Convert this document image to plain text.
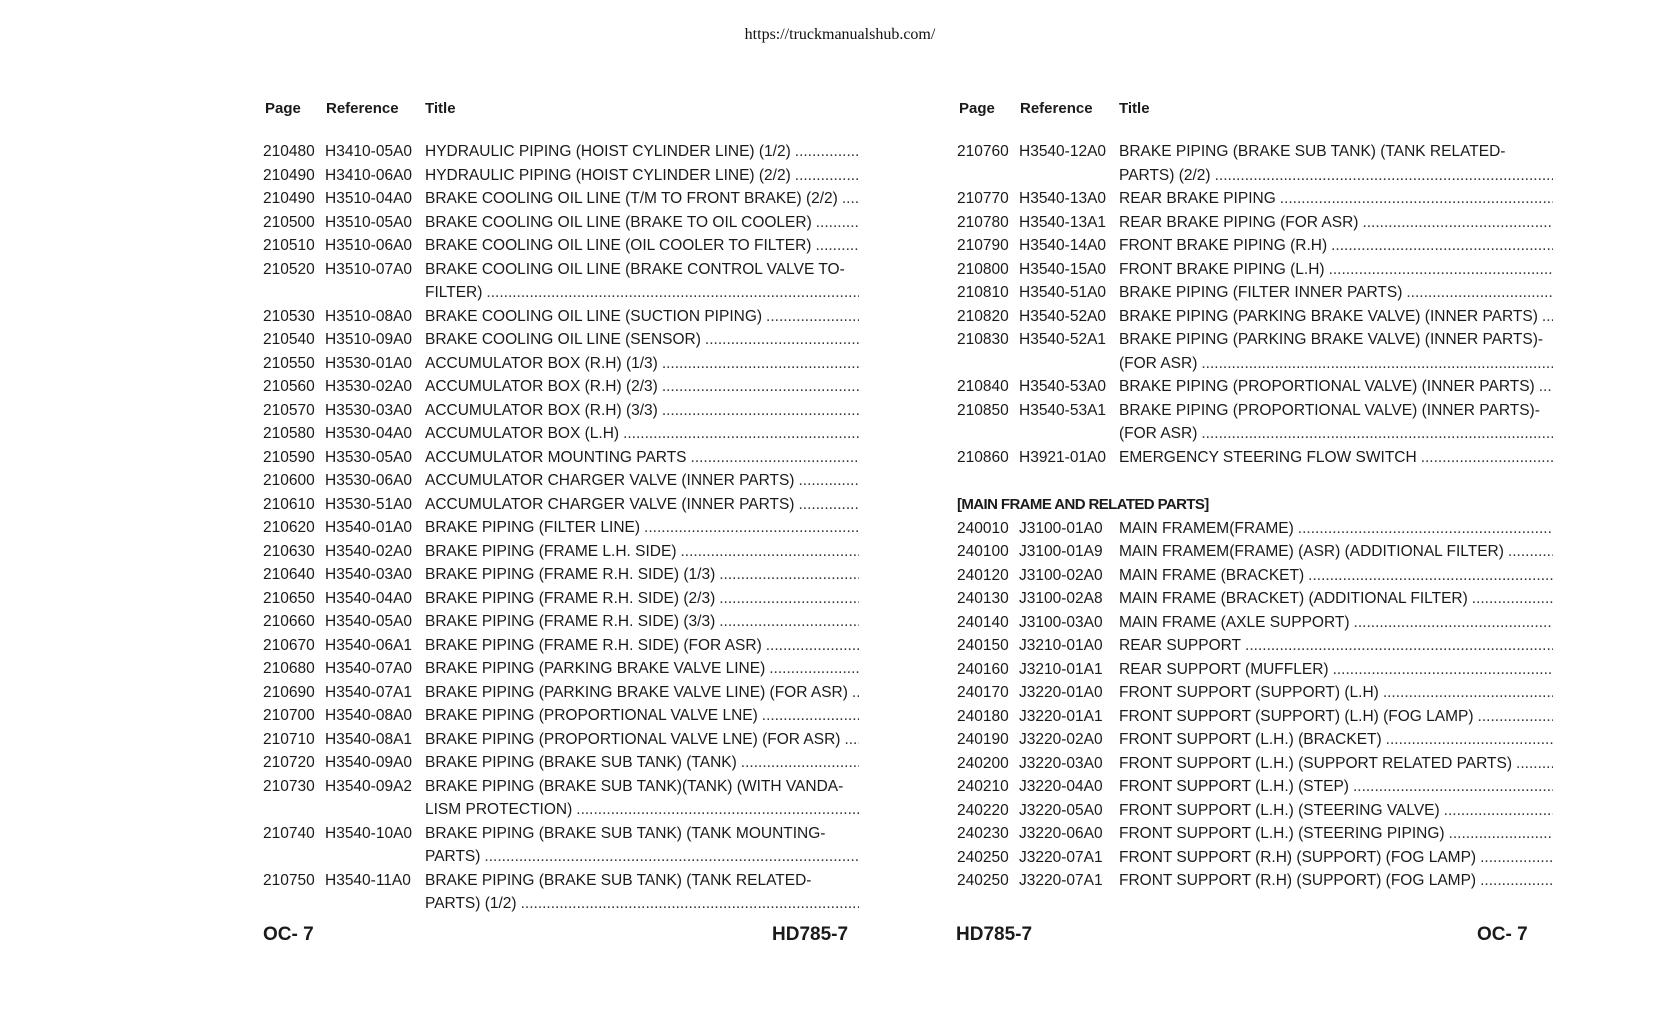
https://truckmanualshub.com/
Page Reference Title
210480 H3410-05A0 HYDRAULIC PIPING (HOIST CYLINDER LINE) (1/2)
.....
210490 H3410-06A0 HYDRAULIC PIPING (HOIST CYLINDER LINE) (2/2)
.....
210490 H3510-04A0 BRAKE COOLING OIL LINE (T/M TO FRONT BRAKE) (2/2)
.....
210500 H3510-05A0 BRAKE COOLING OIL LINE (BRAKE TO OIL COOLER)
.....
210510 H3510-06A0 BRAKE COOLING OIL LINE (OIL COOLER TO FILTER)
.....
210520 H3510-07A0 BRAKE COOLING OIL LINE (BRAKE CONTROL VALVE TO-
FILTER)
.....
210530 H3510-08A0 BRAKE COOLING OIL LINE (SUCTION PIPING)
.....
210540 H3510-09A0 BRAKE COOLING OIL LINE (SENSOR)
.....
210550 H3530-01A0 ACCUMULATOR BOX (R.H) (1/3)
.....
210560 H3530-02A0 ACCUMULATOR BOX (R.H) (2/3)
.....
210570 H3530-03A0 ACCUMULATOR BOX (R.H) (3/3)
.....
210580 H3530-04A0 ACCUMULATOR BOX (L.H)
.....
210590 H3530-05A0 ACCUMULATOR MOUNTING PARTS
.....
210600 H3530-06A0 ACCUMULATOR CHARGER VALVE (INNER PARTS)
.....
210610 H3530-51A0 ACCUMULATOR CHARGER VALVE (INNER PARTS)
.....
210620 H3540-01A0 BRAKE PIPING (FILTER LINE)
.....
210630 H3540-02A0 BRAKE PIPING (FRAME L.H. SIDE)
.....
210640 H3540-03A0 BRAKE PIPING (FRAME R.H. SIDE) (1/3)
.....
210650 H3540-04A0 BRAKE PIPING (FRAME R.H. SIDE) (2/3)
.....
210660 H3540-05A0 BRAKE PIPING (FRAME R.H. SIDE) (3/3)
.....
210670 H3540-06A1 BRAKE PIPING (FRAME R.H. SIDE) (FOR ASR)
.....
210680 H3540-07A0 BRAKE PIPING (PARKING BRAKE VALVE LINE)
.....
210690 H3540-07A1 BRAKE PIPING (PARKING BRAKE VALVE LINE) (FOR ASR)
.....
210700 H3540-08A0 BRAKE PIPING (PROPORTIONAL VALVE LNE)
.....
210710 H3540-08A1 BRAKE PIPING (PROPORTIONAL VALVE LNE) (FOR ASR)
.....
210720 H3540-09A0 BRAKE PIPING (BRAKE SUB TANK) (TANK)
.....
210730 H3540-09A2 BRAKE PIPING (BRAKE SUB TANK)(TANK) (WITH VANDA-
LISM PROTECTION)
.....
210740 H3540-10A0 BRAKE PIPING (BRAKE SUB TANK) (TANK MOUNTING-
PARTS)
.....
210750 H3540-11A0 BRAKE PIPING (BRAKE SUB TANK) (TANK RELATED-
PARTS) (1/2)
.....
Page Reference Title
210760 H3540-12A0 BRAKE PIPING (BRAKE SUB TANK) (TANK RELATED-
PARTS) (2/2)
.....
210770 H3540-13A0 REAR BRAKE PIPING
.....
210780 H3540-13A1 REAR BRAKE PIPING (FOR ASR)
.....
210790 H3540-14A0 FRONT BRAKE PIPING (R.H)
.....
210800 H3540-15A0 FRONT BRAKE PIPING (L.H)
.....
210810 H3540-51A0 BRAKE PIPING (FILTER INNER PARTS)
.....
210820 H3540-52A0 BRAKE PIPING (PARKING BRAKE VALVE) (INNER PARTS)
.....
210830 H3540-52A1 BRAKE PIPING (PARKING BRAKE VALVE) (INNER PARTS)-
(FOR ASR)
.....
210840 H3540-53A0 BRAKE PIPING (PROPORTIONAL VALVE) (INNER PARTS)
.....
210850 H3540-53A1 BRAKE PIPING (PROPORTIONAL VALVE) (INNER PARTS)-
(FOR ASR)
.....
210860 H3921-01A0 EMERGENCY STEERING FLOW SWITCH
.....
[MAIN FRAME AND RELATED PARTS]
240010 J3100-01A0	MAIN FRAMEM(FRAME)
.....
240100 J3100-01A9	MAIN FRAMEM(FRAME) (ASR) (ADDITIONAL FILTER)
.....
240120 J3100-02A0	MAIN FRAME (BRACKET)
.....
240130 J3100-02A8	MAIN FRAME (BRACKET) (ADDITIONAL FILTER)
.....
240140 J3100-03A0	MAIN FRAME (AXLE SUPPORT)
.....
240150 J3210-01A0	REAR SUPPORT
.....
240160 J3210-01A1	REAR SUPPORT (MUFFLER)
.....
240170 J3220-01A0	FRONT SUPPORT (SUPPORT) (L.H)
.....
240180 J3220-01A1	FRONT SUPPORT (SUPPORT) (L.H) (FOG LAMP)
.....
240190 J3220-02A0	FRONT SUPPORT (L.H.) (BRACKET)
.....
240200 J3220-03A0	FRONT SUPPORT (L.H.) (SUPPORT RELATED PARTS)
.....
240210 J3220-04A0	FRONT SUPPORT (L.H.) (STEP)
.....
240220 J3220-05A0	FRONT SUPPORT (L.H.) (STEERING VALVE)
.....
240230 J3220-06A0	FRONT SUPPORT (L.H.) (STEERING PIPING)
.....
240250 J3220-07A1	FRONT SUPPORT (R.H) (SUPPORT) (FOG LAMP)
.....
240250 J3220-07A1	FRONT SUPPORT (R.H) (SUPPORT) (FOG LAMP)
.....
OC- 7	HD785-7	HD785-7	OC- 7
